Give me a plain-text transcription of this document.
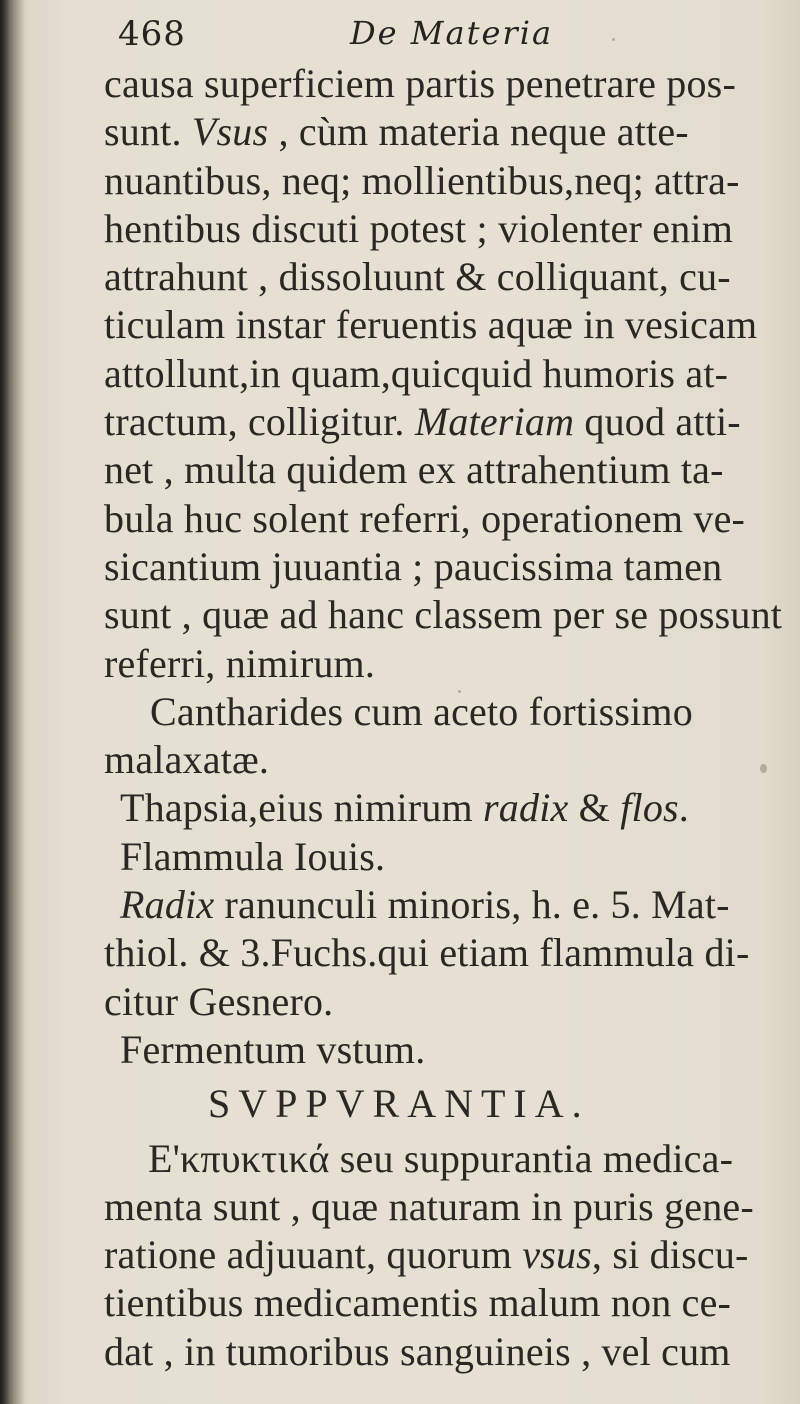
468	De Materia
causa superficiem partis penetrare pos-
sunt. Vsus , cùm materia neque atte-
nuantibus, neq; mollientibus,neq; attra-
hentibus discuti potest ; violenter enim
attrahunt , dissoluunt & colliquant, cu-
ticulam instar feruentis aquæ in vesicam
attollunt,in quam,quicquid humoris at-
tractum, colligitur. Materiam quod atti-
net , multa quidem ex attrahentium ta-
bula huc solent referri, operationem ve-
sicantium juuantia ; paucissima tamen
sunt , quæ ad hanc classem per se possunt
referri, nimirum.
Cantharides cum aceto fortissimo
malaxatæ.
Thapsia,eius nimirum radix & flos.
Flammula Iouis.
Radix ranunculi minoris, h. e. 5. Mat-
thiol. & 3.Fuchs.qui etiam flammula di-
citur Gesnero.
Fermentum vstum.
SVPPVRANTIA.
E'κπυκτικά seu suppurantia medica-
menta sunt , quæ naturam in puris gene-
ratione adjuuant, quorum vsus, si discu-
tientibus medicamentis malum non ce-
dat , in tumoribus sanguineis , vel cum
